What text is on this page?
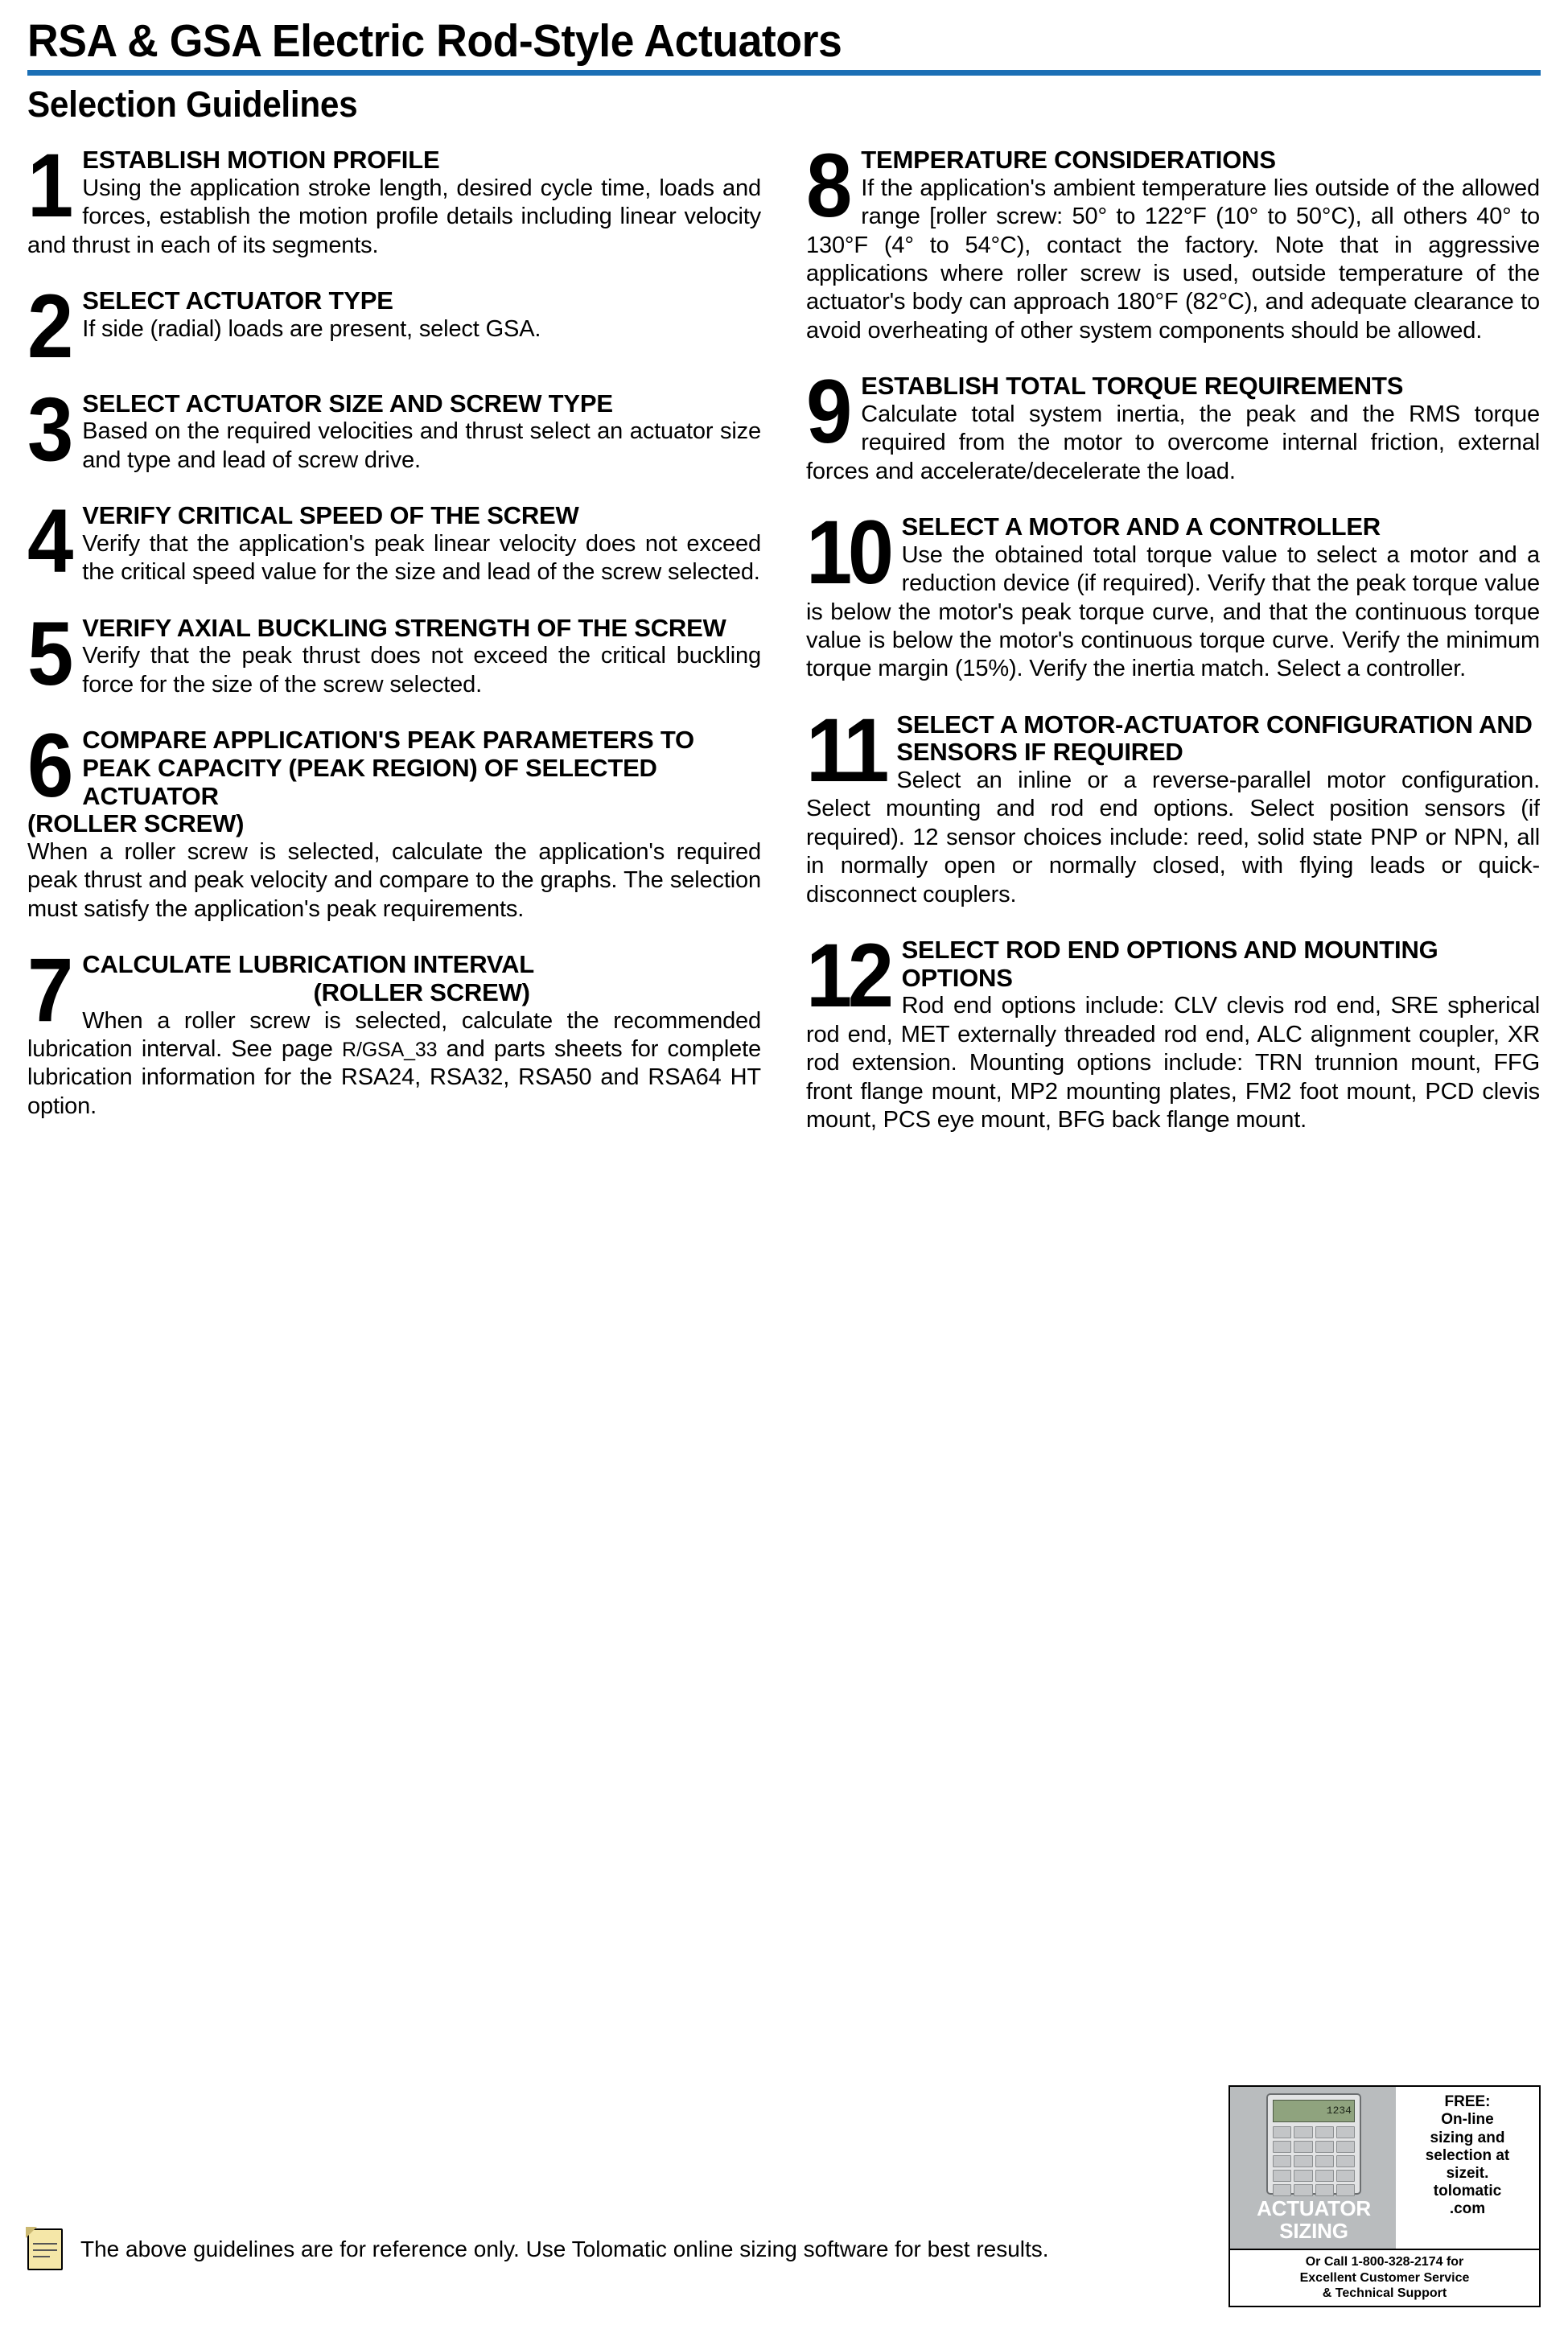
RSA & GSA Electric Rod-Style Actuators
Selection Guidelines
1 ESTABLISH MOTION PROFILE
Using the application stroke length, desired cycle time, loads and forces, establish the motion profile details including linear velocity and thrust in each of its segments.
2 SELECT ACTUATOR TYPE
If side (radial) loads are present, select GSA.
3 SELECT ACTUATOR SIZE AND SCREW TYPE
Based on the required velocities and thrust select an actuator size and type and lead of screw drive.
4 VERIFY CRITICAL SPEED OF THE SCREW
Verify that the application's peak linear velocity does not exceed the critical speed value for the size and lead of the screw selected.
5 VERIFY AXIAL BUCKLING STRENGTH OF THE SCREW
Verify that the peak thrust does not exceed the critical buckling force for the size of the screw selected.
6 COMPARE APPLICATION'S PEAK PARAMETERS TO PEAK CAPACITY (PEAK REGION) OF SELECTED ACTUATOR
(ROLLER SCREW)
When a roller screw is selected, calculate the application's required peak thrust and peak velocity and compare to the graphs. The selection must satisfy the application's peak requirements.
7 CALCULATE LUBRICATION INTERVAL
(ROLLER SCREW)
When a roller screw is selected, calculate the recommended lubrication interval. See page R/GSA_33 and parts sheets for complete lubrication information for the RSA24, RSA32, RSA50 and RSA64 HT option.
8 TEMPERATURE CONSIDERATIONS
If the application's ambient temperature lies outside of the allowed range [roller screw: 50° to 122°F (10° to 50°C), all others 40° to 130°F (4° to 54°C), contact the factory. Note that in aggressive applications where roller screw is used, outside temperature of the actuator's body can approach 180°F (82°C), and adequate clearance to avoid overheating of other system components should be allowed.
9 ESTABLISH TOTAL TORQUE REQUIREMENTS
Calculate total system inertia, the peak and the RMS torque required from the motor to overcome internal friction, external forces and accelerate/decelerate the load.
10 SELECT A MOTOR AND A CONTROLLER
Use the obtained total torque value to select a motor and a reduction device (if required). Verify that the peak torque value is below the motor's peak torque curve, and that the continuous torque value is below the motor's continuous torque curve. Verify the minimum torque margin (15%). Verify the inertia match. Select a controller.
11 SELECT A MOTOR-ACTUATOR CONFIGURATION AND SENSORS IF REQUIRED
Select an inline or a reverse-parallel motor configuration. Select mounting and rod end options. Select position sensors (if required). 12 sensor choices include: reed, solid state PNP or NPN, all in normally open or normally closed, with flying leads or quick-disconnect couplers.
12 SELECT ROD END OPTIONS AND MOUNTING OPTIONS
Rod end options include: CLV clevis rod end, SRE spherical rod end, MET externally threaded rod end, ALC alignment coupler, XR rod extension. Mounting options include: TRN trunnion mount, FFG front flange mount, MP2 mounting plates, FM2 foot mount, PCD clevis mount, PCS eye mount, BFG back flange mount.
The above guidelines are for reference only. Use Tolomatic online sizing software for best results.
1234
ACTUATOR
SIZING
FREE:
On-line
sizing and
selection at
sizeit.
tolomatic
.com
Or Call 1-800-328-2174 for
Excellent Customer Service
& Technical Support
